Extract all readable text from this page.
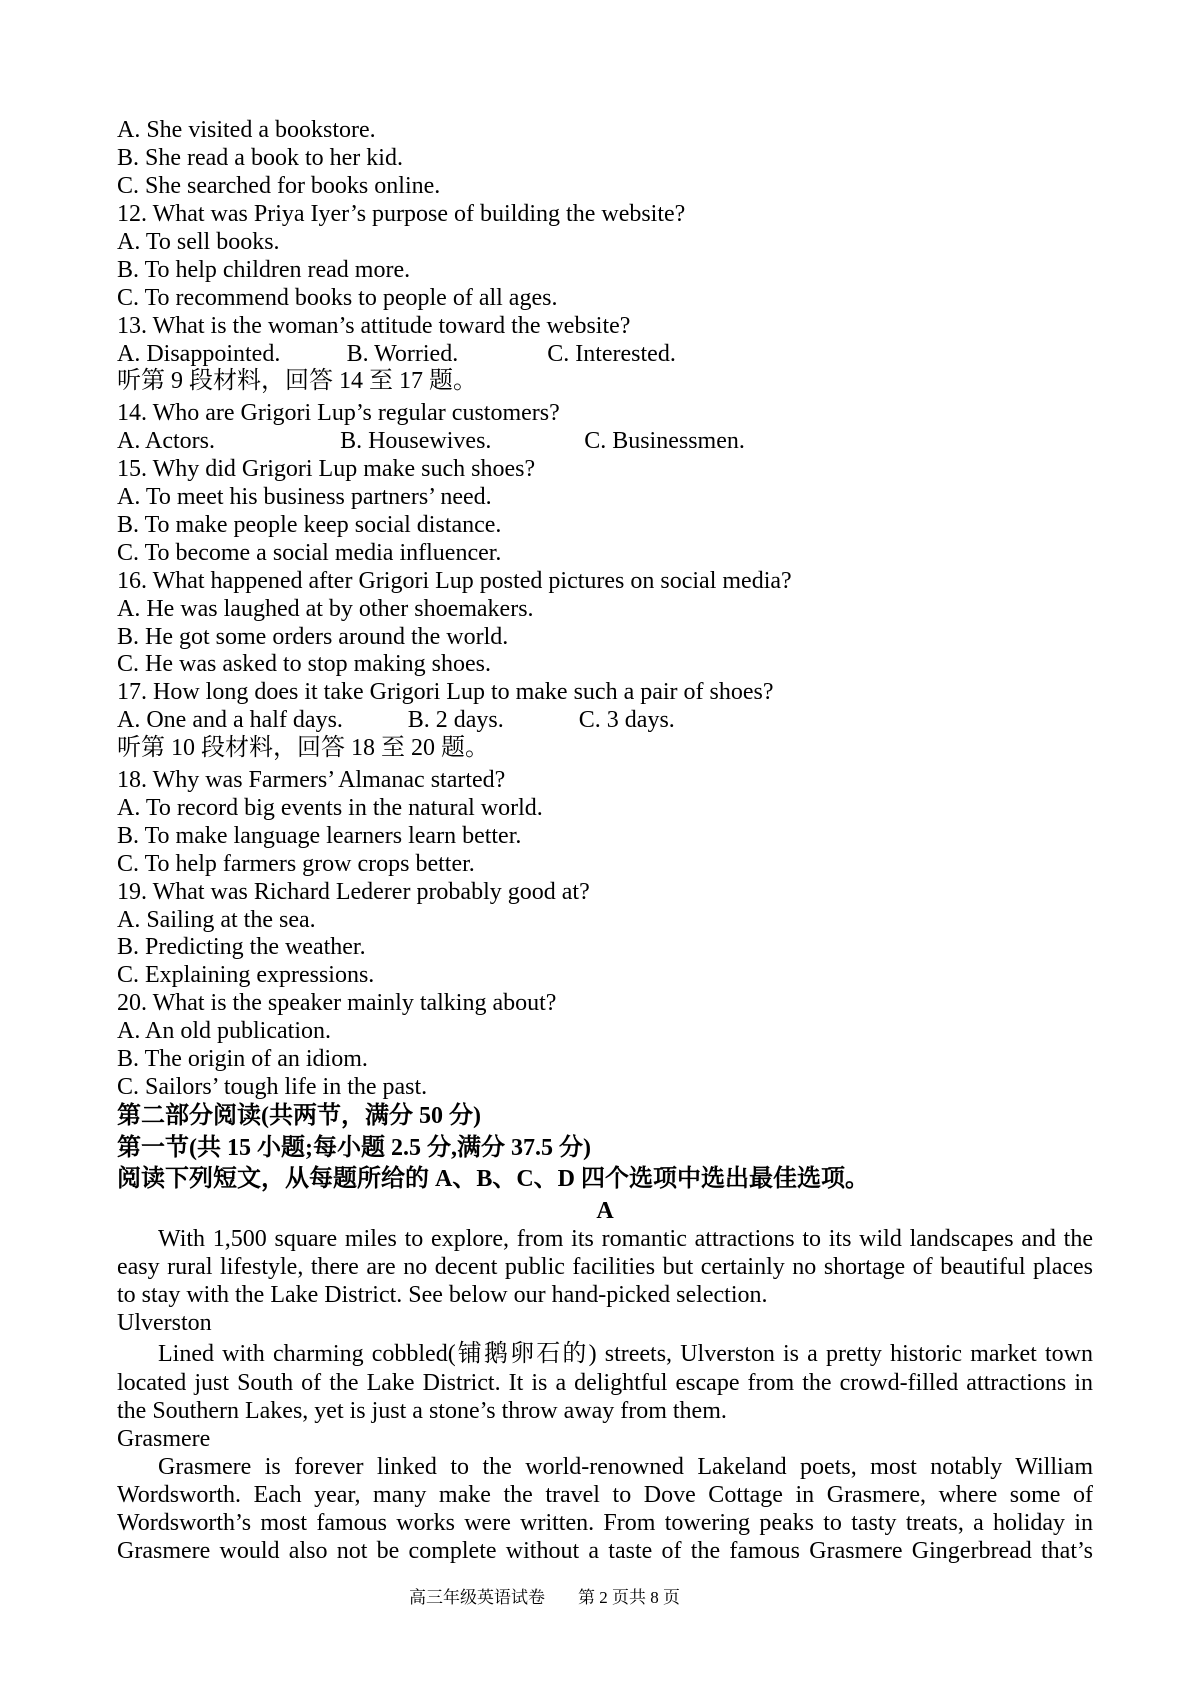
A. She visited a bookstore.
B. She read a book to her kid.
C. She searched for books online.
12. What was Priya Iyer’s purpose of building the website?
A. To sell books.
B. To help children read more.
C. To recommend books to people of all ages.
13. What is the woman’s attitude toward the website?
A. Disappointed.	B. Worried.	C. Interested.
听第 9 段材料，回答 14 至 17 题。
14. Who are Grigori Lup’s regular customers?
A. Actors.	B. Housewives.	C. Businessmen.
15. Why did Grigori Lup make such shoes?
A. To meet his business partners’ need.
B. To make people keep social distance.
C. To become a social media influencer.
16. What happened after Grigori Lup posted pictures on social media?
A. He was laughed at by other shoemakers.
B. He got some orders around the world.
C. He was asked to stop making shoes.
17. How long does it take Grigori Lup to make such a pair of shoes?
A. One and a half days.	B. 2 days.	C. 3 days.
听第 10 段材料，回答 18 至 20 题。
18. Why was Farmers’ Almanac started?
A. To record big events in the natural world.
B. To make language learners learn better.
C. To help farmers grow crops better.
19. What was Richard Lederer probably good at?
A. Sailing at the sea.
B. Predicting the weather.
C. Explaining expressions.
20. What is the speaker mainly talking about?
A. An old publication.
B. The origin of an idiom.
C. Sailors’ tough life in the past.
第二部分阅读(共两节，满分 50 分)
第一节(共 15 小题;每小题 2.5 分,满分 37.5 分)
阅读下列短文，从每题所给的 A、B、C、D 四个选项中选出最佳选项。
A
With 1,500 square miles to explore, from its romantic attractions to its wild landscapes and the
easy rural lifestyle, there are no decent public facilities but certainly no shortage of beautiful places
to stay with the Lake District. See below our hand-picked selection.
Ulverston
Lined with charming cobbled(铺鹅卵石的) streets, Ulverston is a pretty historic market town
located just South of the Lake District. It is a delightful escape from the crowd-filled attractions in
the Southern Lakes, yet is just a stone’s throw away from them.
Grasmere
Grasmere is forever linked to the world-renowned Lakeland poets, most notably William
Wordsworth. Each year, many make the travel to Dove Cottage in Grasmere, where some of
Wordsworth’s most famous works were written. From towering peaks to tasty treats, a holiday in
Grasmere would also not be complete without a taste of the famous Grasmere Gingerbread that’s
高三年级英语试卷 第 2 页共 8 页
